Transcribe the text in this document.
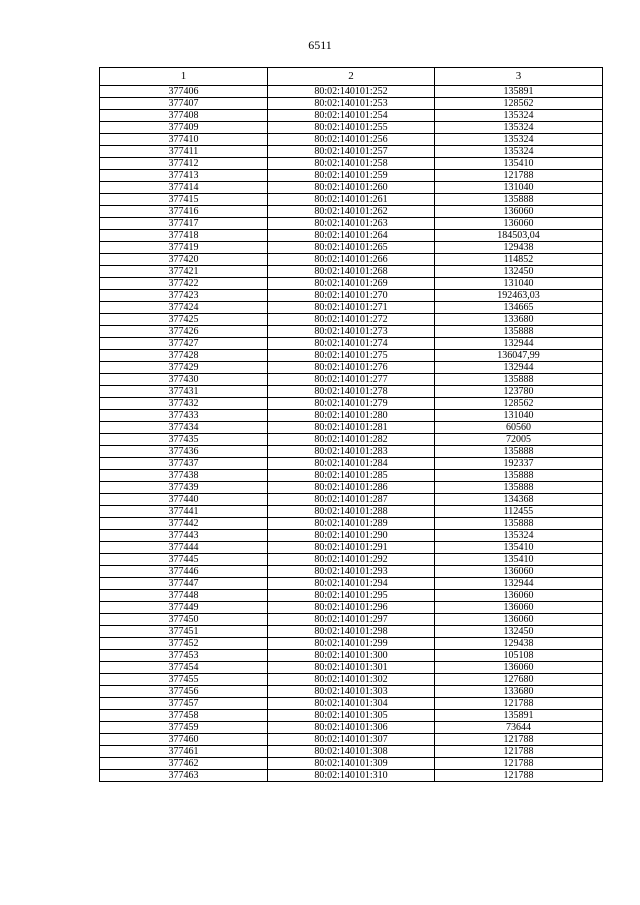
6511
1	2	3
377406	80:02:140101:252	135891
377407	80:02:140101:253	128562
377408	80:02:140101:254	135324
377409	80:02:140101:255	135324
377410	80:02:140101:256	135324
377411	80:02:140101:257	135324
377412	80:02:140101:258	135410
377413	80:02:140101:259	121788
377414	80:02:140101:260	131040
377415	80:02:140101:261	135888
377416	80:02:140101:262	136060
377417	80:02:140101:263	136060
377418	80:02:140101:264	184503,04
377419	80:02:140101:265	129438
377420	80:02:140101:266	114852
377421	80:02:140101:268	132450
377422	80:02:140101:269	131040
377423	80:02:140101:270	192463,03
377424	80:02:140101:271	134665
377425	80:02:140101:272	133680
377426	80:02:140101:273	135888
377427	80:02:140101:274	132944
377428	80:02:140101:275	136047,99
377429	80:02:140101:276	132944
377430	80:02:140101:277	135888
377431	80:02:140101:278	123780
377432	80:02:140101:279	128562
377433	80:02:140101:280	131040
377434	80:02:140101:281	60560
377435	80:02:140101:282	72005
377436	80:02:140101:283	135888
377437	80:02:140101:284	192337
377438	80:02:140101:285	135888
377439	80:02:140101:286	135888
377440	80:02:140101:287	134368
377441	80:02:140101:288	112455
377442	80:02:140101:289	135888
377443	80:02:140101:290	135324
377444	80:02:140101:291	135410
377445	80:02:140101:292	135410
377446	80:02:140101:293	136060
377447	80:02:140101:294	132944
377448	80:02:140101:295	136060
377449	80:02:140101:296	136060
377450	80:02:140101:297	136060
377451	80:02:140101:298	132450
377452	80:02:140101:299	129438
377453	80:02:140101:300	105108
377454	80:02:140101:301	136060
377455	80:02:140101:302	127680
377456	80:02:140101:303	133680
377457	80:02:140101:304	121788
377458	80:02:140101:305	135891
377459	80:02:140101:306	73644
377460	80:02:140101:307	121788
377461	80:02:140101:308	121788
377462	80:02:140101:309	121788
377463	80:02:140101:310	121788
